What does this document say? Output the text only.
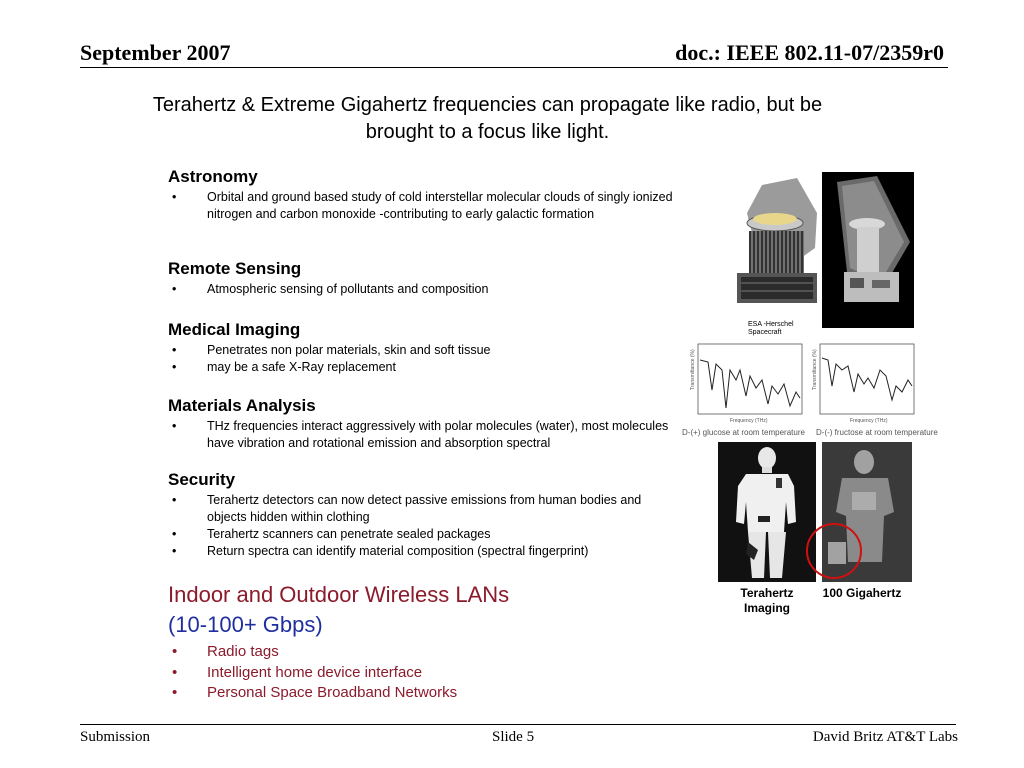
September 2007	doc.: IEEE 802.11-07/2359r0
Terahertz & Extreme Gigahertz frequencies can propagate like radio, but be brought to a focus like light.
Astronomy
• Orbital and ground based study of cold interstellar molecular clouds of singly ionized nitrogen and carbon monoxide -contributing to early galactic formation
Remote Sensing
• Atmospheric sensing of pollutants and composition
Medical Imaging
• Penetrates non polar materials, skin and soft tissue
• may be a safe X-Ray replacement
Materials Analysis
• THz frequencies interact aggressively with polar molecules (water), most molecules have vibration and rotational emission and absorption spectral
Security
• Terahertz detectors can now detect passive emissions from human bodies and objects hidden within clothing
• Terahertz scanners can penetrate sealed packages
• Return spectra can identify material composition (spectral fingerprint)
Indoor and Outdoor Wireless LANs
(10-100+ Gbps)
• Radio tags
• Intelligent home device interface
• Personal Space Broadband Networks
ESA -Herschel
Spacecraft
Transmittance (%)
Frequency (THz)
Transmittance (%)
Frequency (THz)
D-(+) glucose at room temperature D-(-) fructose at room temperature
Terahertz
Imaging
100 Gigahertz
Submission	Slide 5	David Britz AT&T Labs
